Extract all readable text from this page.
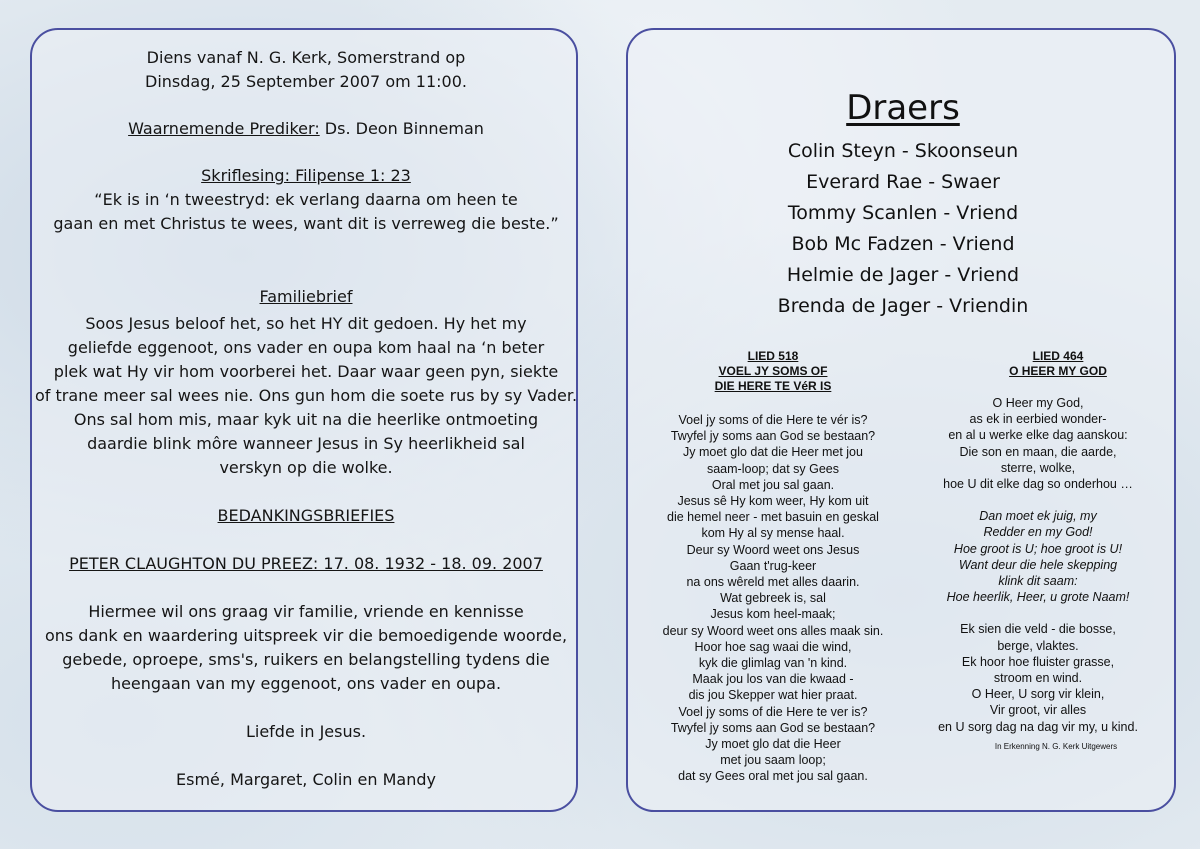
Diens vanaf N. G. Kerk, Somerstrand op
Dinsdag, 25 September 2007 om 11:00.
Waarnemende Prediker: Ds. Deon Binneman
Skriflesing: Filipense 1: 23
“Ek is in ‘n tweestryd: ek verlang daarna om heen te
gaan en met Christus te wees, want dit is verreweg die beste.”
Familiebrief
Soos Jesus beloof het, so het HY dit gedoen. Hy het my
geliefde eggenoot, ons vader en oupa kom haal na ‘n beter
plek wat Hy vir hom voorberei het. Daar waar geen pyn, siekte
of trane meer sal wees nie. Ons gun hom die soete rus by sy Vader.
Ons sal hom mis, maar kyk uit na die heerlike ontmoeting
daardie blink môre wanneer Jesus in Sy heerlikheid sal
verskyn op die wolke.
BEDANKINGSBRIEFIES
PETER CLAUGHTON DU PREEZ: 17. 08. 1932 - 18. 09. 2007
Hiermee wil ons graag vir familie, vriende en kennisse
ons dank en waardering uitspreek vir die bemoedigende woorde,
gebede, oproepe, sms's, ruikers en belangstelling tydens die
heengaan van my eggenoot, ons vader en oupa.
Liefde in Jesus.
Esmé, Margaret, Colin en Mandy
Draers
Colin Steyn - Skoonseun
Everard Rae - Swaer
Tommy Scanlen - Vriend
Bob Mc Fadzen - Vriend
Helmie de Jager - Vriend
Brenda de Jager - Vriendin
LIED 518
VOEL JY SOMS OF
DIE HERE TE VéR IS
Voel jy soms of die Here te vér is?
Twyfel jy soms aan God se bestaan?
Jy moet glo dat die Heer met jou
saam-loop; dat sy Gees
Oral met jou sal gaan.
Jesus sê Hy kom weer, Hy kom uit
die hemel neer - met basuin en geskal
kom Hy al sy mense haal.
Deur sy Woord weet ons Jesus
Gaan t'rug-keer
na ons wêreld met alles daarin.
Wat gebreek is, sal
Jesus kom heel-maak;
deur sy Woord weet ons alles maak sin.
Hoor hoe sag waai die wind,
kyk die glimlag van 'n kind.
Maak jou los van die kwaad -
dis jou Skepper wat hier praat.
Voel jy soms of die Here te ver is?
Twyfel jy soms aan God se bestaan?
Jy moet glo dat die Heer
met jou saam loop;
dat sy Gees oral met jou sal gaan.
LIED 464
O HEER MY GOD
O Heer my God,
as ek in eerbied wonder-
en al u werke elke dag aanskou:
Die son en maan, die aarde,
sterre, wolke,
hoe U dit elke dag so onderhou …
Dan moet ek juig, my
Redder en my God!
Hoe groot is U; hoe groot is U!
Want deur die hele skepping
klink dit saam:
Hoe heerlik, Heer, u grote Naam!
Ek sien die veld - die bosse,
berge, vlaktes.
Ek hoor hoe fluister grasse,
stroom en wind.
O Heer, U sorg vir klein,
Vir groot, vir alles
en U sorg dag na dag vir my, u kind.
In Erkenning N. G. Kerk Uitgewers
